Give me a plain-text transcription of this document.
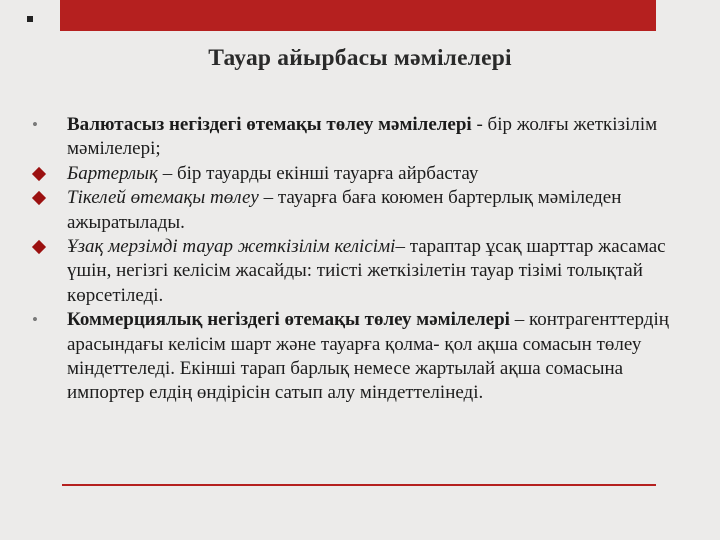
Тауар айырбасы мәмілелері
• Валютасыз негіздегі өтемақы төлеу мәмілелері - бір жолғы жеткізілім мәмілелері;
Бартерлық – бір тауарды екінші тауарға айрбастау
Тікелей өтемақы төлеу – тауарға баға коюмен бартерлық мәміледен ажыратылады.
Ұзақ мерзімді тауар жеткізілім келісімі– тараптар ұсақ шарттар жасамас үшін, негізгі келісім жасайды: тиісті жеткізілетін тауар тізімі толықтай көрсетіледі.
• Коммерциялық негіздегі өтемақы төлеу мәмілелері – контрагенттердің арасындағы келісім шарт және тауарға қолма- қол ақша сомасын төлеу міндеттеледі. Екінші тарап барлық немесе жартылай ақша сомасына импортер елдің өндірісін сатып алу міндеттелінеді.
